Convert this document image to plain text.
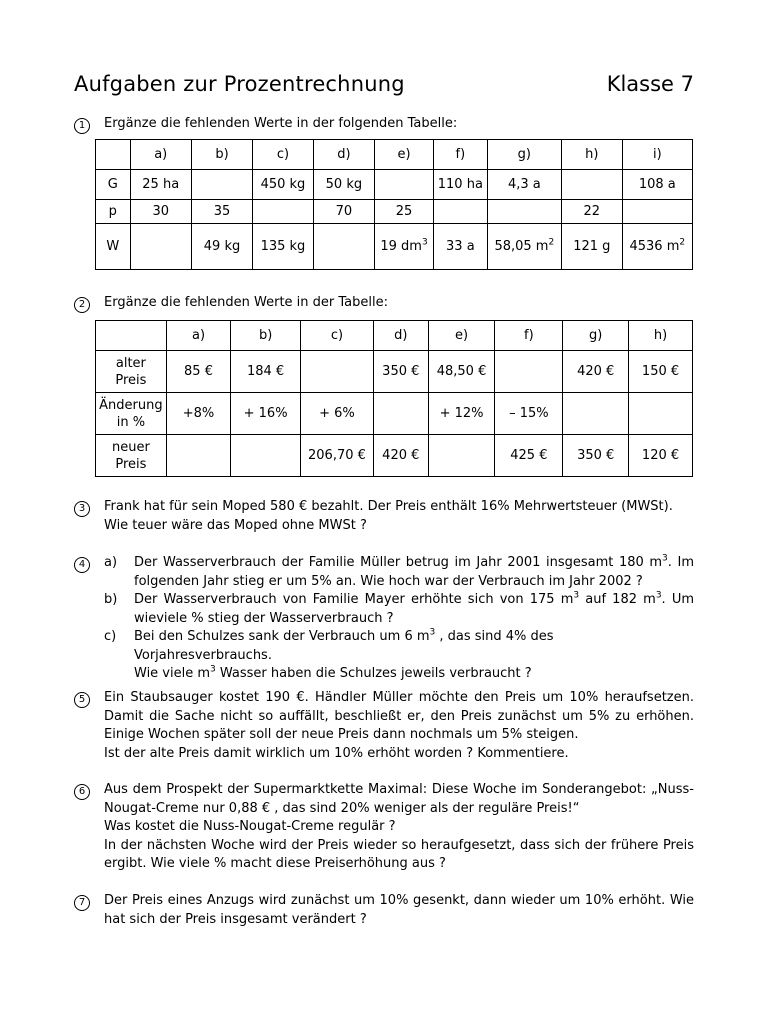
Aufgaben zur Prozentrechnung	Klasse 7
1	Ergänze die fehlenden Werte in der folgenden Tabelle:
	a)	b)	c)	d)	e)	f)	g)	h)	i)
G	25 ha		450 kg	50 kg		110 ha	4,3 a		108 a
p	30	35		70	25			22	
W		49 kg	135 kg		19 $dm^3$	33 a	58,05 $m^2$	121 g	4536 $m^2$
2	Ergänze die fehlenden Werte in der Tabelle:
	a)	b)	c)	d)	e)	f)	g)	h)
alter
Preis	85 €	184 €		350 €	48,50 €		420 €	150 €
Änderung
in %	+8%	+ 16%	+ 6%		+ 12%	– 15%		
neuer
Preis			206,70 €	420 €		425 €	350 €	120 €
3	Frank hat für sein Moped 580 € bezahlt. Der Preis enthält 16% Mehrwertsteuer (MWSt).

Wie teuer wäre das Moped ohne MWSt ?

4	a)	Der Wasserverbrauch der Familie Müller betrug im Jahr 2001 insgesamt 180 $m^3$. Im folgenden Jahr stieg er um 5% an. Wie hoch war der Verbrauch im Jahr 2002 ?
b)	Der Wasserverbrauch von Familie Mayer erhöhte sich von 175 $m^3$ auf 182 $m^3$. Um wieviele % stieg der Wasserverbrauch ?
c)	Bei den Schulzes sank der Verbrauch um 6 $m^3$ , das sind 4% des Vorjahresverbrauchs.
Wie viele $m^3$ Wasser haben die Schulzes jeweils verbraucht ?
5	Ein Staubsauger kostet 190 €. Händler Müller möchte den Preis um 10% heraufsetzen. Damit die Sache nicht so auffällt, beschließt er, den Preis zunächst um 5% zu erhöhen. Einige Wochen später soll der neue Preis dann nochmals um 5% steigen.

Ist der alte Preis damit wirklich um 10% erhöht worden ? Kommentiere.

6	Aus dem Prospekt der Supermarktkette Maximal: Diese Woche im Sonderangebot: „Nuss-Nougat-Creme nur 0,88 € , das sind 20% weniger als der reguläre Preis!“

Was kostet die Nuss-Nougat-Creme regulär ?

In der nächsten Woche wird der Preis wieder so heraufgesetzt, dass sich der frühere Preis ergibt. Wie viele % macht diese Preiserhöhung aus ?

7	Der Preis eines Anzugs wird zunächst um 10% gesenkt, dann wieder um 10% erhöht. Wie hat sich der Preis insgesamt verändert ?
